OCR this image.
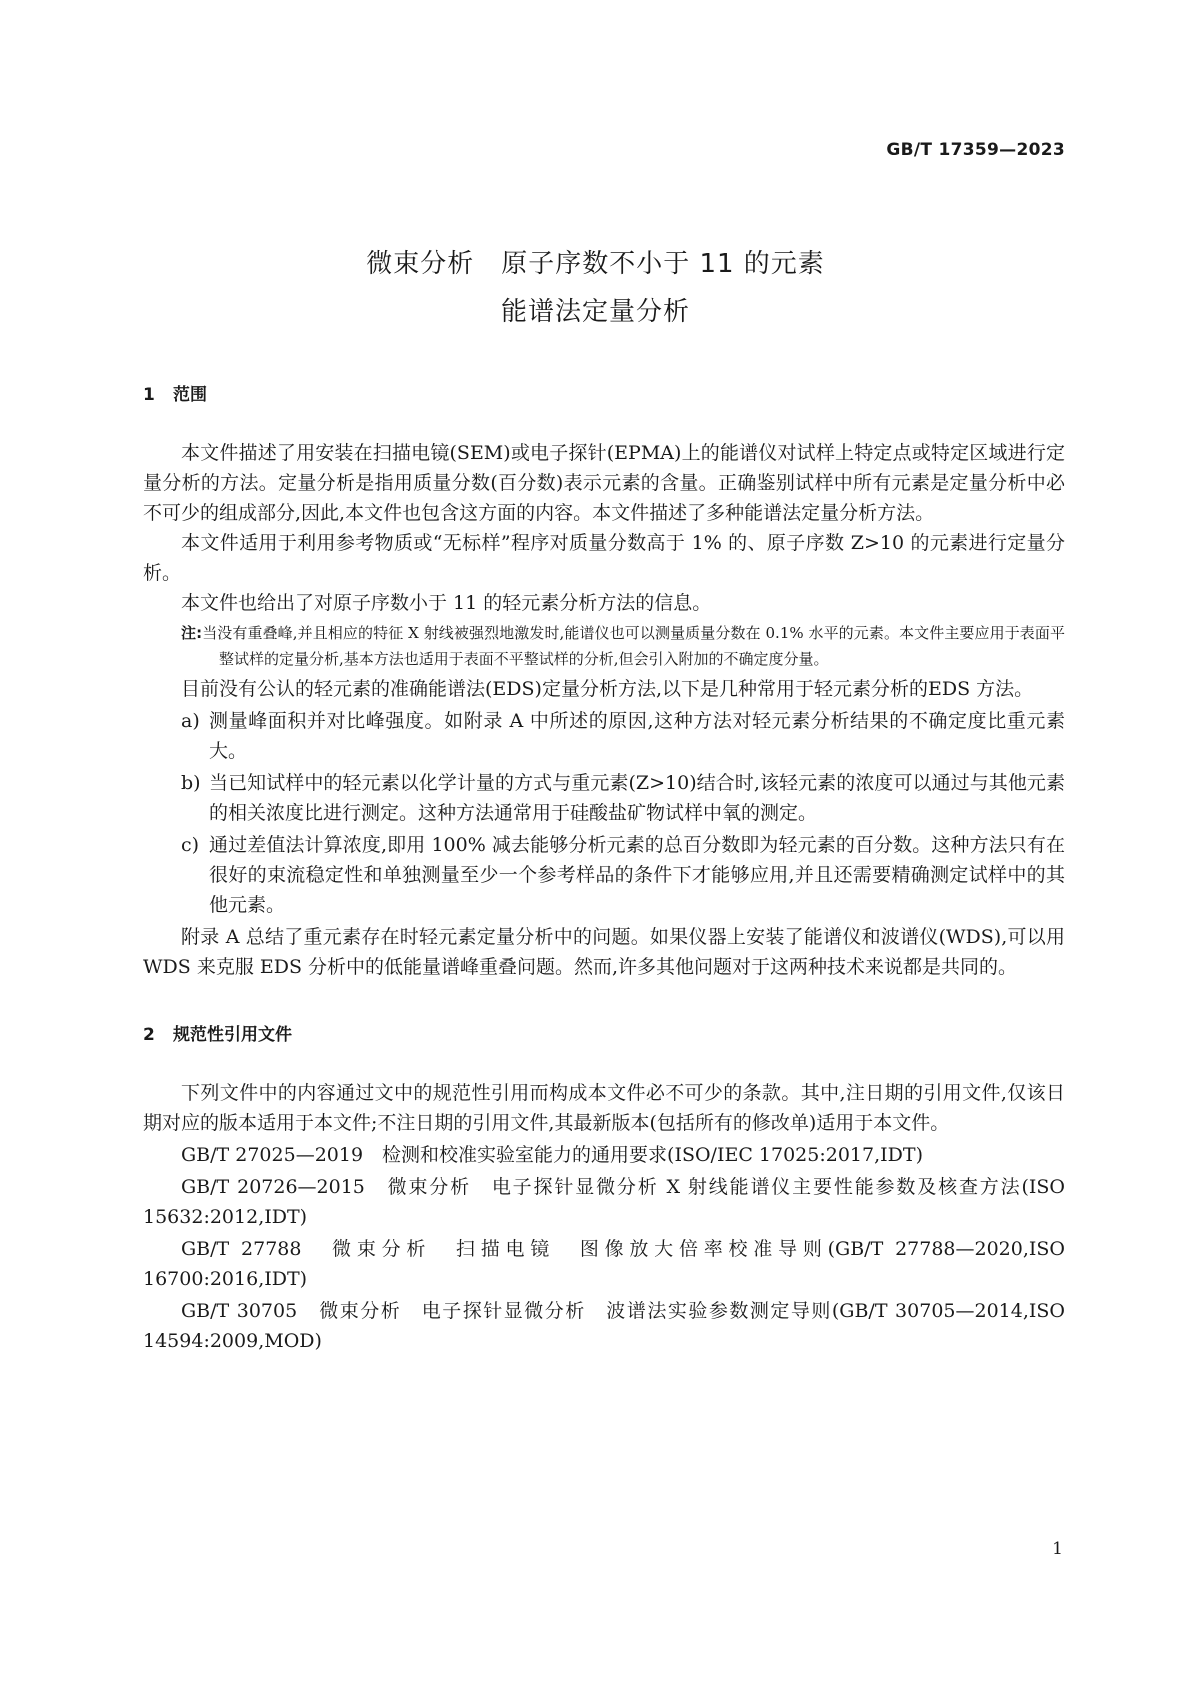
GB/T 17359—2023
微束分析　原子序数不小于 11 的元素
能谱法定量分析
1 范围

本文件描述了用安装在扫描电镜(SEM)或电子探针(EPMA)上的能谱仪对试样上特定点或特定区域进行定量分析的方法。定量分析是指用质量分数(百分数)表示元素的含量。正确鉴别试样中所有元素是定量分析中必不可少的组成部分,因此,本文件也包含这方面的内容。本文件描述了多种能谱法定量分析方法。

本文件适用于利用参考物质或“无标样”程序对质量分数高于 1% 的、原子序数 Z>10 的元素进行定量分析。

本文件也给出了对原子序数小于 11 的轻元素分析方法的信息。

注:当没有重叠峰,并且相应的特征 X 射线被强烈地激发时,能谱仪也可以测量质量分数在 0.1% 水平的元素。本文件主要应用于表面平整试样的定量分析,基本方法也适用于表面不平整试样的分析,但会引入附加的不确定度分量。

目前没有公认的轻元素的准确能谱法(EDS)定量分析方法,以下是几种常用于轻元素分析的EDS 方法。

a) 测量峰面积并对比峰强度。如附录 A 中所述的原因,这种方法对轻元素分析结果的不确定度比重元素大。
b) 当已知试样中的轻元素以化学计量的方式与重元素(Z>10)结合时,该轻元素的浓度可以通过与其他元素的相关浓度比进行测定。这种方法通常用于硅酸盐矿物试样中氧的测定。
c) 通过差值法计算浓度,即用 100% 减去能够分析元素的总百分数即为轻元素的百分数。这种方法只有在很好的束流稳定性和单独测量至少一个参考样品的条件下才能够应用,并且还需要精确测定试样中的其他元素。

附录 A 总结了重元素存在时轻元素定量分析中的问题。如果仪器上安装了能谱仪和波谱仪(WDS),可以用 WDS 来克服 EDS 分析中的低能量谱峰重叠问题。然而,许多其他问题对于这两种技术来说都是共同的。

2 规范性引用文件

下列文件中的内容通过文中的规范性引用而构成本文件必不可少的条款。其中,注日期的引用文件,仅该日期对应的版本适用于本文件;不注日期的引用文件,其最新版本(包括所有的修改单)适用于本文件。

GB/T 27025—2019　检测和校准实验室能力的通用要求(ISO/IEC 17025:2017,IDT)

GB/T 20726—2015　微束分析　电子探针显微分析 X 射线能谱仪主要性能参数及核查方法(ISO 15632:2012,IDT)

GB/T 27788　微束分析　扫描电镜　图像放大倍率校准导则(GB/T 27788—2020,ISO 16700:2016,IDT)

GB/T 30705　微束分析　电子探针显微分析　波谱法实验参数测定导则(GB/T 30705—2014,ISO 14594:2009,MOD)

1
